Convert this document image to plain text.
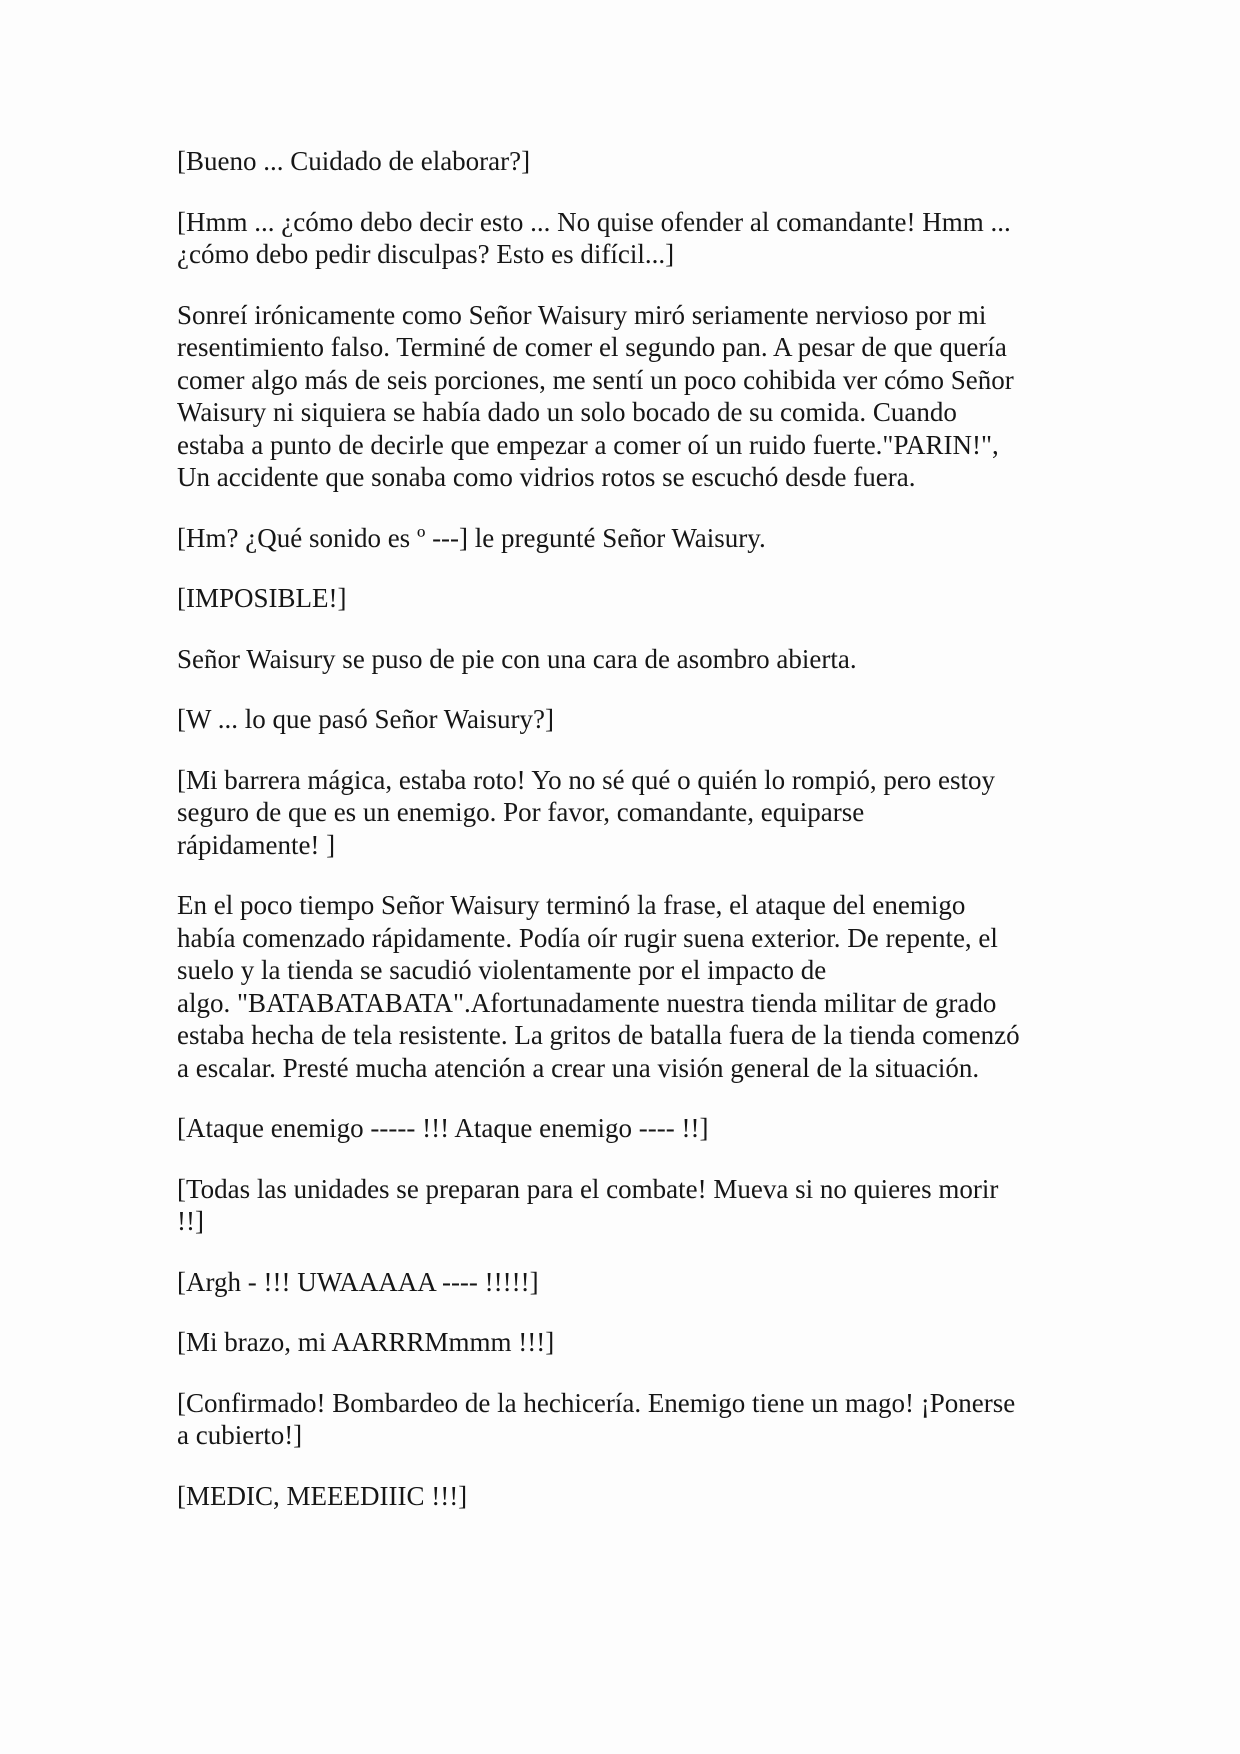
[Bueno ... Cuidado de elaborar?]

[Hmm ... ¿cómo debo decir esto ... No quise ofender al comandante! Hmm ...
¿cómo debo pedir disculpas? Esto es difícil...]

Sonreí irónicamente como Señor Waisury miró seriamente nervioso por mi
resentimiento falso. Terminé de comer el segundo pan. A pesar de que quería
comer algo más de seis porciones, me sentí un poco cohibida ver cómo Señor
Waisury ni siquiera se había dado un solo bocado de su comida. Cuando
estaba a punto de decirle que empezar a comer oí un ruido fuerte."PARIN!",
Un accidente que sonaba como vidrios rotos se escuchó desde fuera.

[Hm? ¿Qué sonido es º ---] le pregunté Señor Waisury.

[IMPOSIBLE!]

Señor Waisury se puso de pie con una cara de asombro abierta.

[W ... lo que pasó Señor Waisury?]

[Mi barrera mágica, estaba roto! Yo no sé qué o quién lo rompió, pero estoy
seguro de que es un enemigo. Por favor, comandante, equiparse
rápidamente! ]

En el poco tiempo Señor Waisury terminó la frase, el ataque del enemigo
había comenzado rápidamente. Podía oír rugir suena exterior. De repente, el
suelo y la tienda se sacudió violentamente por el impacto de
algo. "BATABATABATA".Afortunadamente nuestra tienda militar de grado
estaba hecha de tela resistente. La gritos de batalla fuera de la tienda comenzó
a escalar. Presté mucha atención a crear una visión general de la situación.

[Ataque enemigo ----- !!! Ataque enemigo ---- !!]

[Todas las unidades se preparan para el combate! Mueva si no quieres morir
!!]

[Argh - !!! UWAAAAA ---- !!!!!]

[Mi brazo, mi AARRRMmmm !!!]

[Confirmado! Bombardeo de la hechicería. Enemigo tiene un mago! ¡Ponerse
a cubierto!]

[MEDIC, MEEEDIIIC !!!]
